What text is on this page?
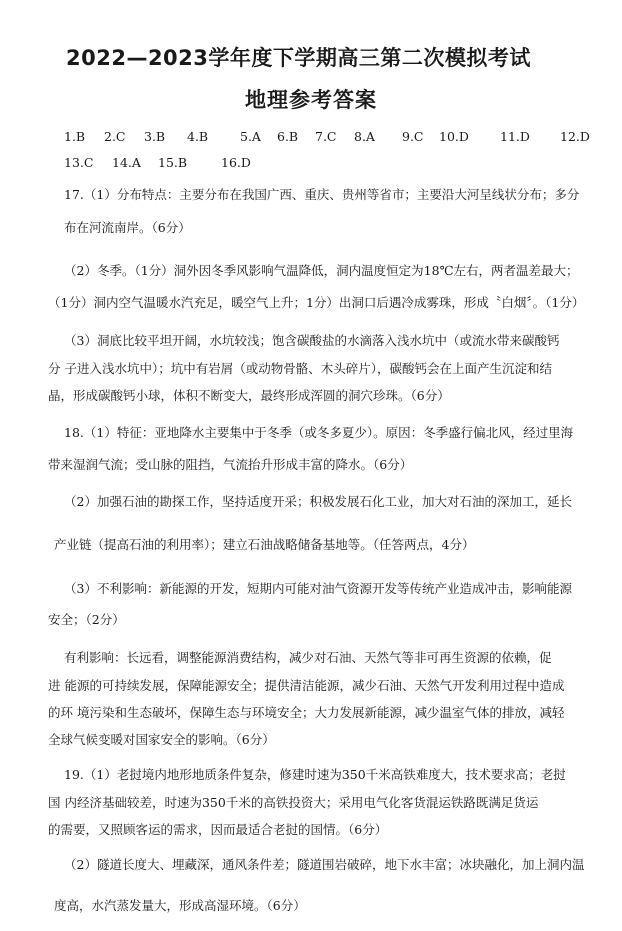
2022—2023学年度下学期高三第二次模拟考试
地理参考答案
1.B 2.C 3.B 4.B	5.A 6.B 7.C 8.A 9.C 10.D 11.D 12.D
13.C 14.A 15.B	16.D
17.（1）分布特点：主要分布在我国广西、重庆、贵州等省市；主要沿大河呈线状分布；多分
布在河流南岸。（6分）
（2）冬季。（1分）洞外因冬季风影响气温降低，洞内温度恒定为18℃左右，两者温差最大；
（1分）洞内空气温暖水汽充足，暖空气上升；1分）出洞口后遇冷成雾珠，形成〝白烟〞。（1分）
（3）洞底比较平坦开阔，水坑较浅；饱含碳酸盐的水滴落入浅水坑中（或流水带来碳酸钙
分 子进入浅水坑中）；坑中有岩屑（或动物骨骼、木头碎片），碳酸钙会在上面产生沉淀和结
晶，形成碳酸钙小球，体积不断变大，最终形成浑圆的洞穴珍珠。（6分）
18.（1）特征：亚地降水主要集中于冬季（或冬多夏少）。原因：冬季盛行偏北风，经过里海
带来湿润气流；受山脉的阻挡，气流抬升形成丰富的降水。（6分）
（2）加强石油的勘探工作，坚持适度开采；积极发展石化工业，加大对石油的深加工，延长
产业链（提高石油的利用率）；建立石油战略储备基地等。（任答两点，4分）
（3）不利影响：新能源的开发，短期内可能对油气资源开发等传统产业造成冲击，影响能源
安全；（2分）
有利影响：长远看，调整能源消费结构，减少对石油、天然气等非可再生资源的依赖，促
进 能源的可持续发展，保障能源安全；提供清洁能源，减少石油、天然气开发利用过程中造成
的环 境污染和生态破坏，保障生态与环境安全；大力发展新能源，减少温室气体的排放，减轻
全球气候变暖对国家安全的影响。（6分）
19.（1）老挝境内地形地质条件复杂，修建时速为350千米高铁难度大，技术要求高；老挝
国 内经济基础较差，时速为350千米的高铁投资大；采用电气化客货混运铁路既满足货运
的需要，又照顾客运的需求，因而最适合老挝的国情。（6分）
（2）隧道长度大、埋藏深，通风条件差；隧道围岩破碎，地下水丰富；冰块融化，加上洞内温
度高，水汽蒸发量大，形成高湿环境。（6分）
